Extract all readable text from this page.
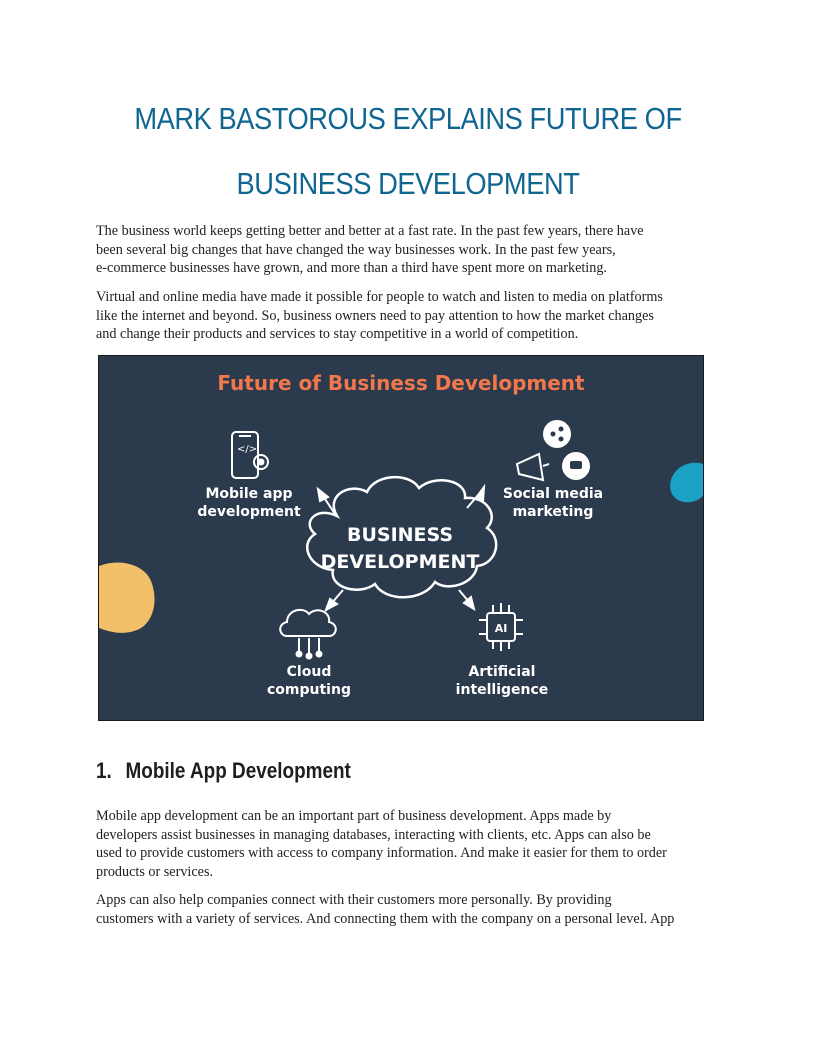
MARK BASTOROUS EXPLAINS FUTURE OF
BUSINESS DEVELOPMENT

The business world keeps getting better and better at a fast rate. In the past few years, there have
been several big changes that have changed the way businesses work. In the past few years,
e-commerce businesses have grown, and more than a third have spent more on marketing.

Virtual and online media have made it possible for people to watch and listen to media on platforms
like the internet and beyond. So, business owners need to pay attention to how the market changes
and change their products and services to stay competitive in a world of competition.

Future of Business Development
BUSINESS
DEVELOPMENT
</>
Mobile app
development
Social media
marketing
Cloud
computing
AI
Artificial
intelligence
1. Mobile App Development

Mobile app development can be an important part of business development. Apps made by
developers assist businesses in managing databases, interacting with clients, etc. Apps can also be
used to provide customers with access to company information. And make it easier for them to order
products or services.

Apps can also help companies connect with their customers more personally. By providing
customers with a variety of services. And connecting them with the company on a personal level. App
